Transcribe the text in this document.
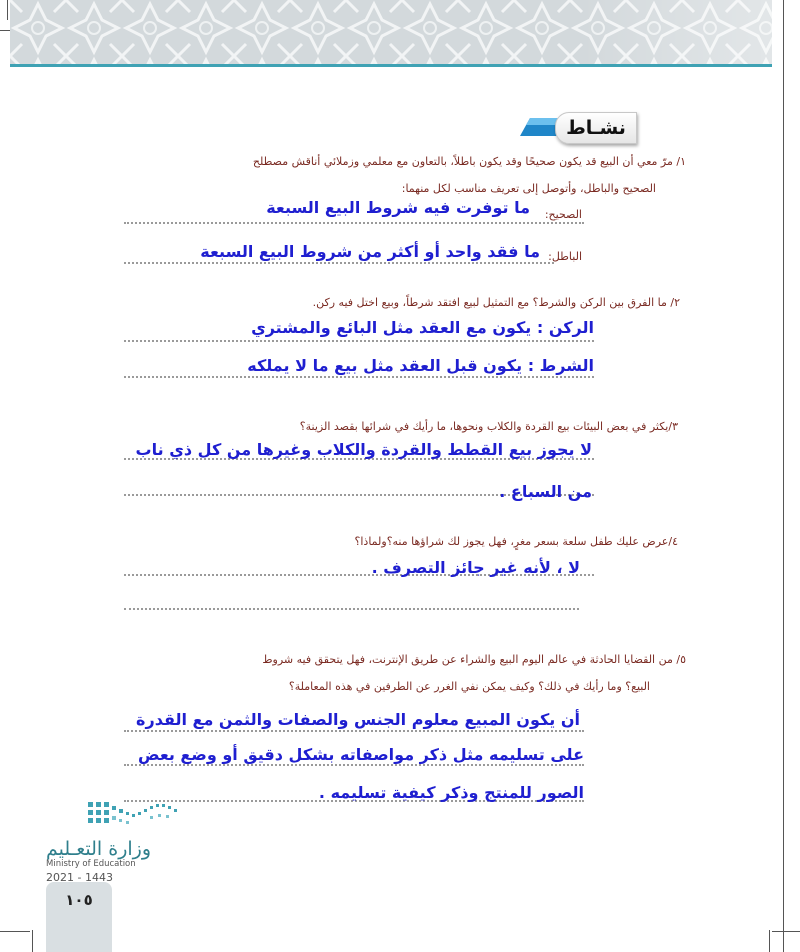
نشـاط
١/ مرّ معي أن البيع قد يكون صحيحًا وقد يكون باطلاً، بالتعاون مع معلمي وزملائي أناقش مصطلح
الصحيح والباطل، وأتوصل إلى تعريف مناسب لكل منهما:
الصحيح:
ما توفرت فيه شروط البيع السبعة
الباطل:
ما فقد واحد أو أكثر من شروط البيع السبعة
٢/ ما الفرق بين الركن والشرط؟ مع التمثيل لبيع افتقد شرطاً، وبيع اختل فيه ركن.
الركن : يكون مع العقد مثل البائع والمشتري
الشرط : يكون قبل العقد مثل بيع ما لا يملكه
٣/يكثر في بعض البيئات بيع القردة والكلاب ونحوها، ما رأيك في شرائها بقصد الزينة؟
لا يجوز بيع القطط والقردة والكلاب وغيرها من كل ذي ناب
من السباع .
٤/عرض عليك طفل سلعة بسعر مغرٍ، فهل يجوز لك شراؤها منه؟ولماذا؟
لا ، لأنه غير جائز التصرف .
٥/ من القضايا الحادثة في عالم اليوم البيع والشراء عن طريق الإنترنت، فهل يتحقق فيه شروط
البيع؟ وما رأيك في ذلك؟ وكيف يمكن نفي الغرر عن الطرفين في هذه المعاملة؟
أن يكون المبيع معلوم الجنس والصفات والثمن مع القدرة
على تسليمه مثل ذكر مواصفاته بشكل دقيق أو وضع بعض
الصور للمنتج وذكر كيفية تسليمه .
وزارة التعـليم
Ministry of Education
2021 - 1443
١٠٥
